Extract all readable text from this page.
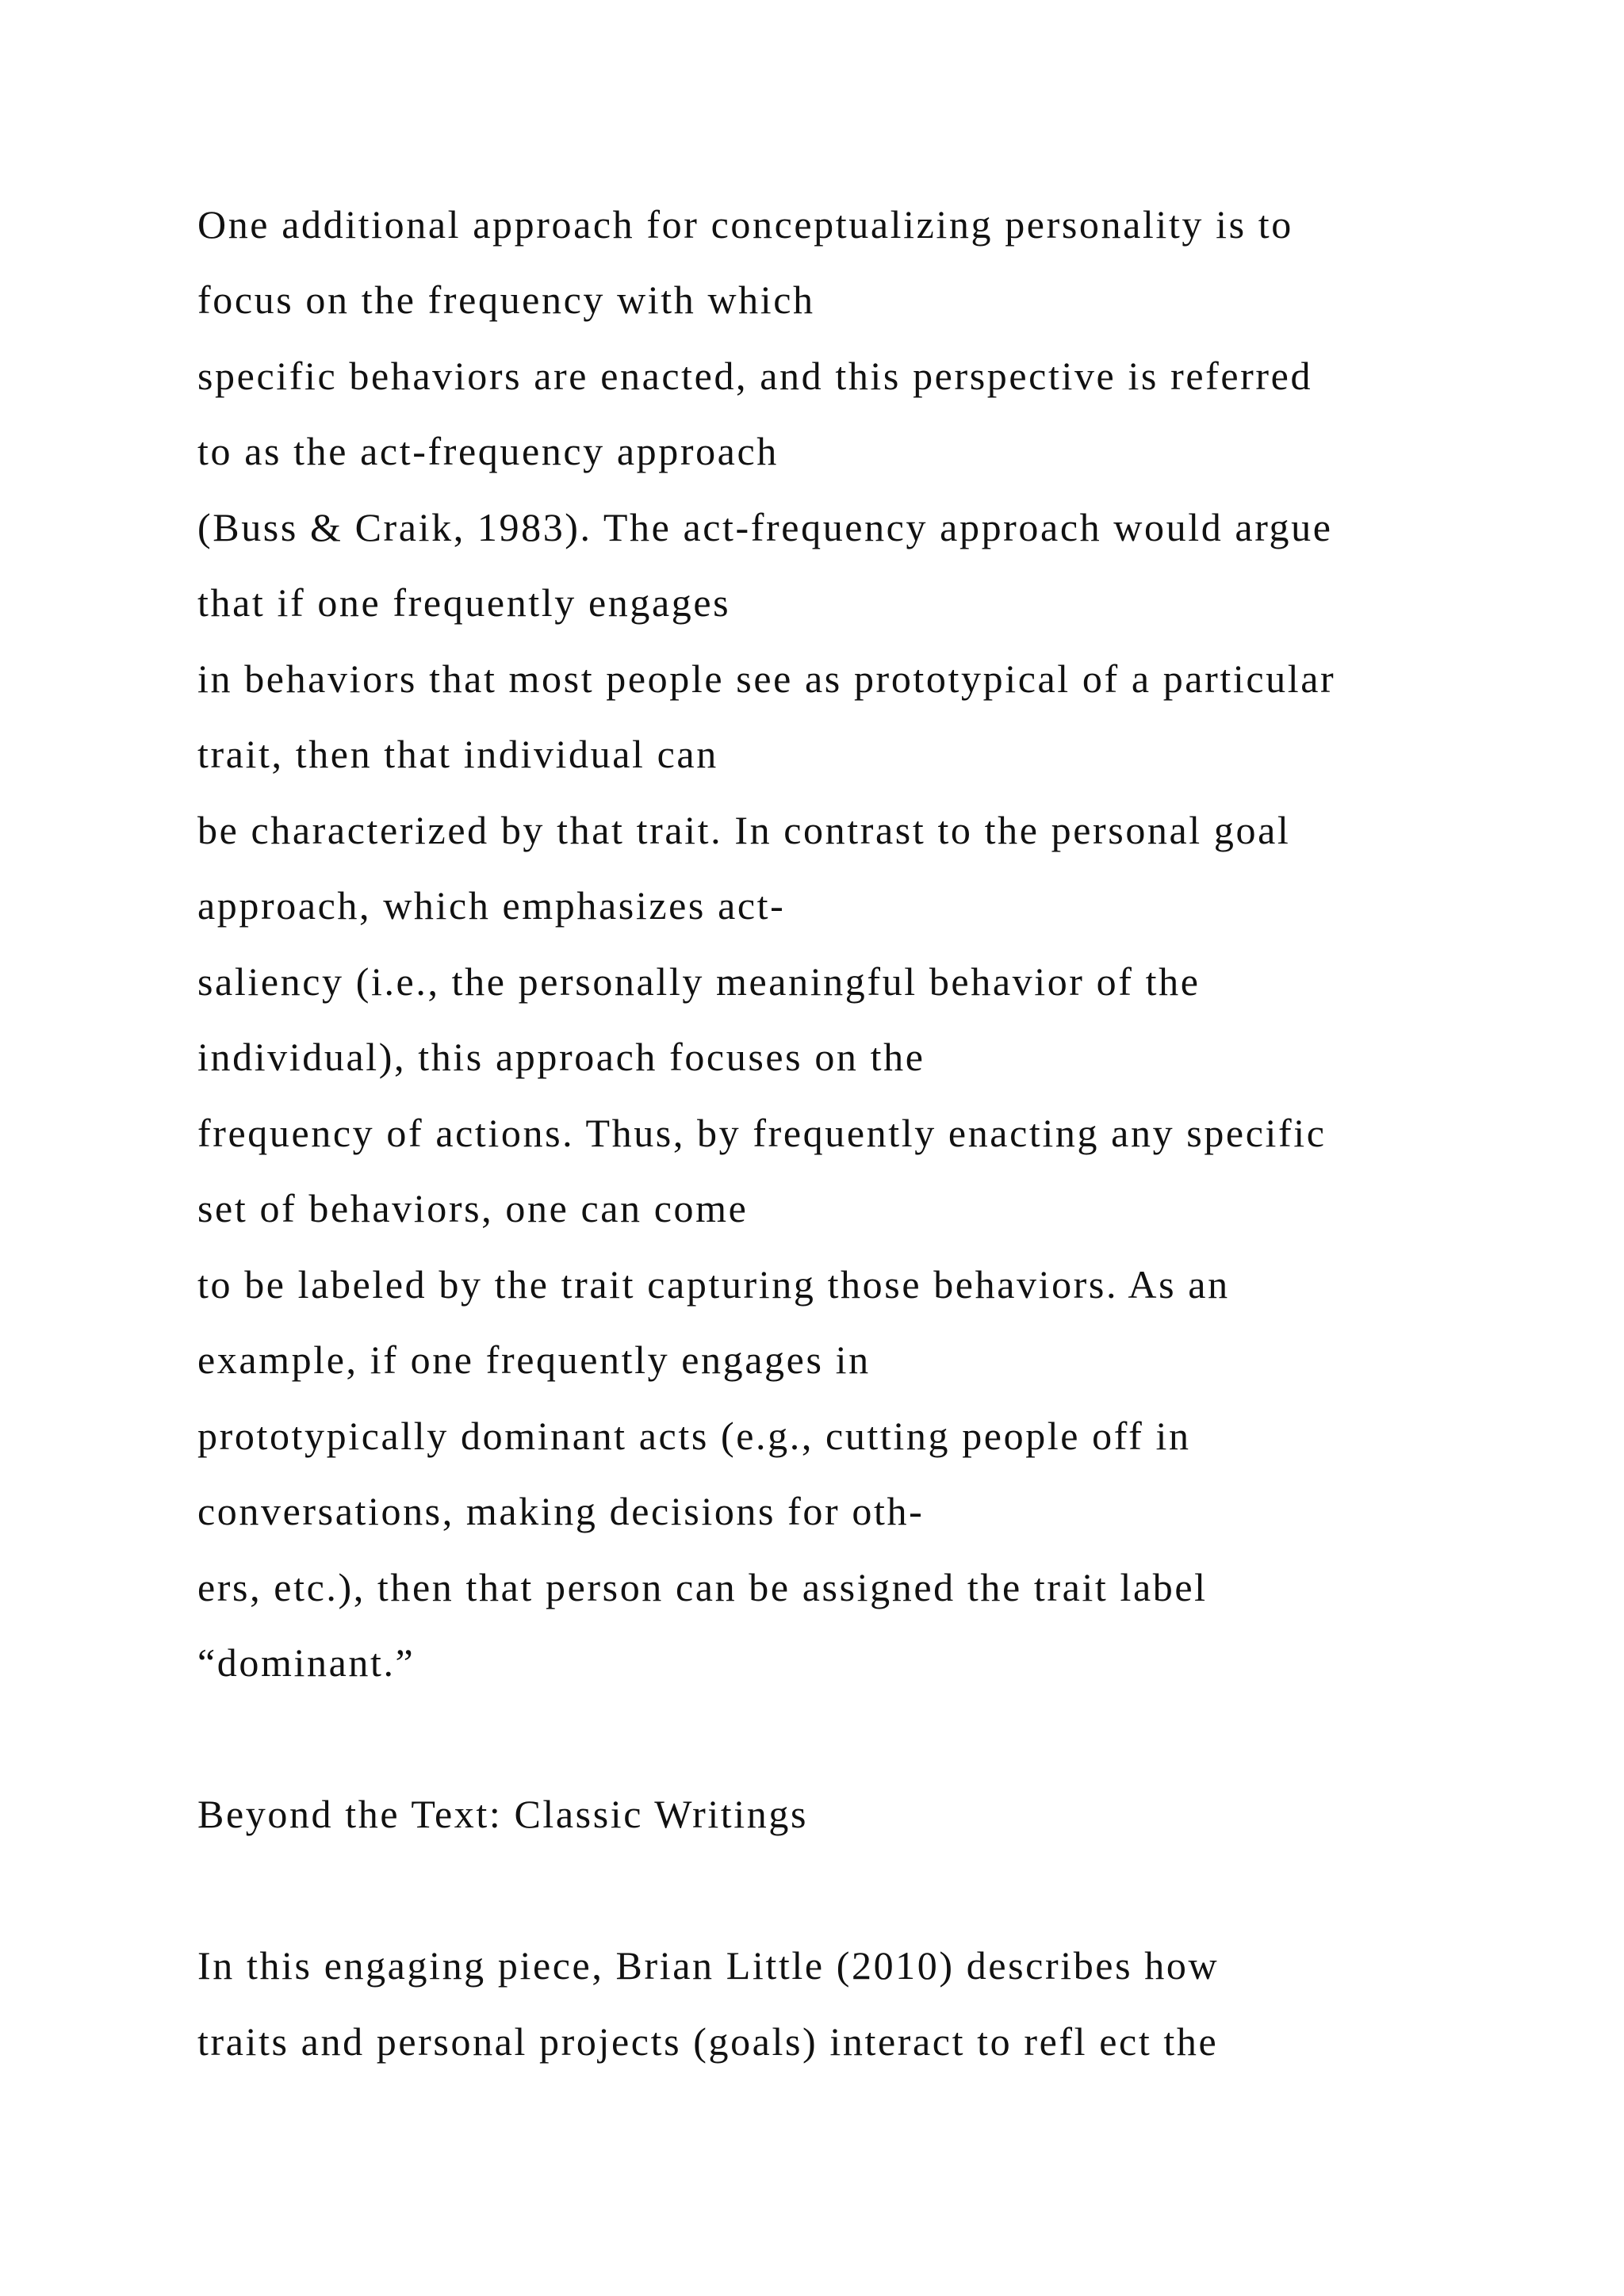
One additional approach for conceptualizing personality is to

focus on the frequency with which

specific behaviors are enacted, and this perspective is referred

to as the act-frequency approach

(Buss & Craik, 1983). The act-frequency approach would argue

that if one frequently engages

in behaviors that most people see as prototypical of a particular

trait, then that individual can

be characterized by that trait. In contrast to the personal goal

approach, which emphasizes act-

saliency (i.e., the personally meaningful behavior of the

individual), this approach focuses on the

frequency of actions. Thus, by frequently enacting any specific

set of behaviors, one can come

to be labeled by the trait capturing those behaviors. As an

example, if one frequently engages in

prototypically dominant acts (e.g., cutting people off in

conversations, making decisions for oth-

ers, etc.), then that person can be assigned the trait label

“dominant.”

Beyond the Text: Classic Writings

In this engaging piece, Brian Little (2010) describes how

traits and personal projects (goals) interact to refl ect the
